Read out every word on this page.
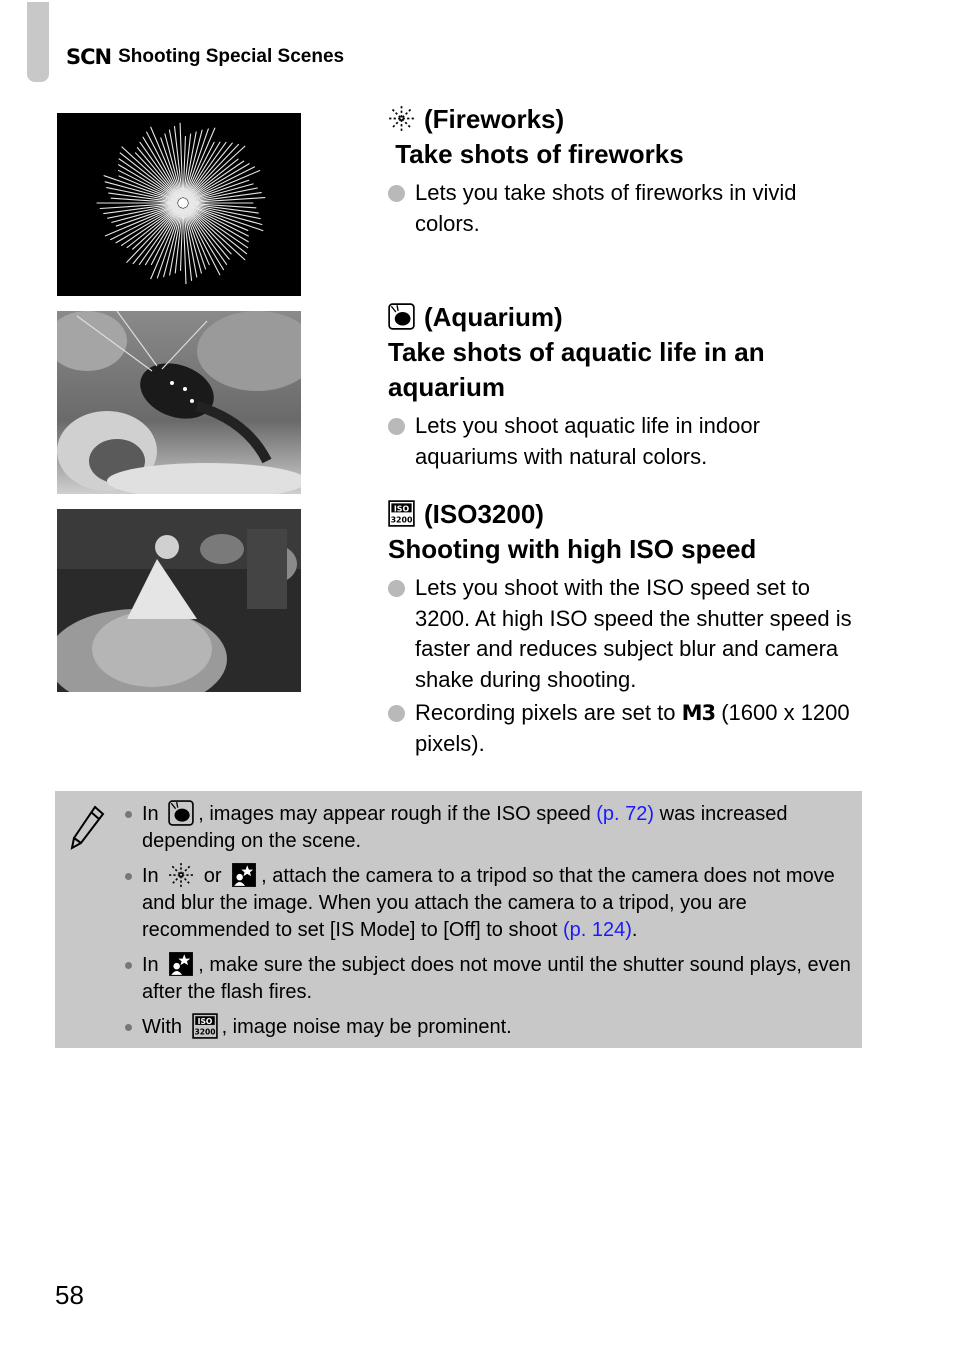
SCN Shooting Special Scenes
(Fireworks)
Take shots of fireworks
Lets you take shots of fireworks in vivid colors.
(Aquarium)
Take shots of aquatic life in an aquarium
Lets you shoot aquatic life in indoor aquariums with natural colors.
ISO
3200 (ISO3200)
Shooting with high ISO speed
Lets you shoot with the ISO speed set to 3200. At high ISO speed the shutter speed is faster and reduces subject blur and camera shake during shooting.
Recording pixels are set to M3 (1600 x 1200 pixels).
In , images may appear rough if the ISO speed (p. 72) was increased depending on the scene.
In  or , attach the camera to a tripod so that the camera does not move and blur the image. When you attach the camera to a tripod, you are recommended to set [IS Mode] to [Off] to shoot (p. 124).
In , make sure the subject does not move until the shutter sound plays, even after the flash fires.
With ISO
3200 , image noise may be prominent.
58
